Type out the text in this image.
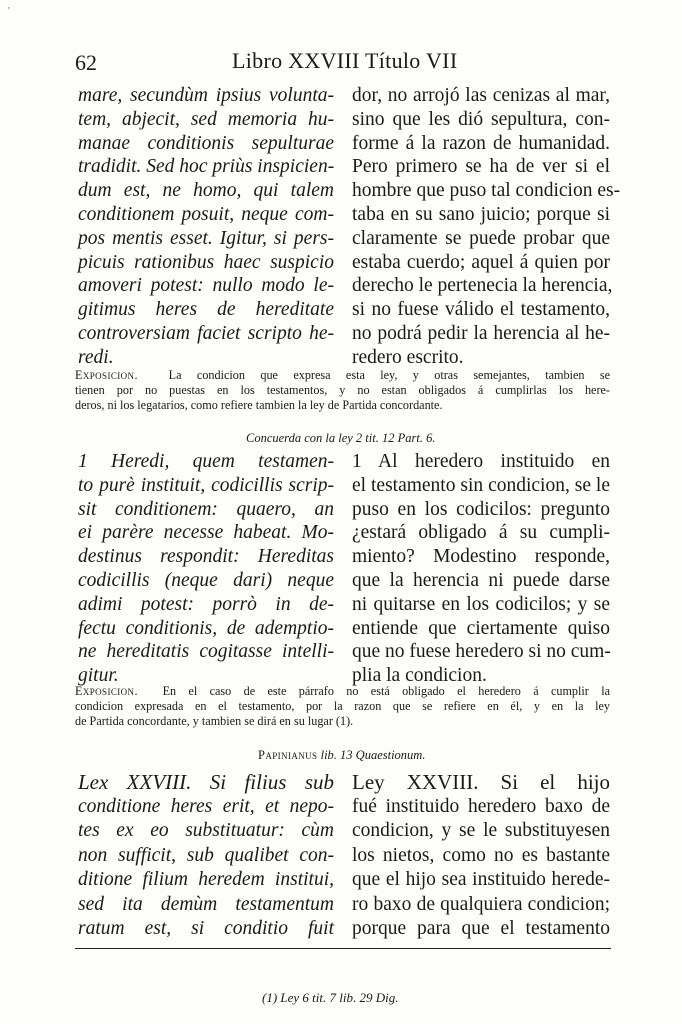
'
62	Libro XXVIII Título VII
mare, secundùm ipsius volunta-
tem, abjecit, sed memoria hu-
manae conditionis sepulturae
tradidit. Sed hoc priùs inspicien-
dum est, ne homo, qui talem
conditionem posuit, neque com-
pos mentis esset. Igitur, si pers-
picuis rationibus haec suspicio
amoveri potest: nullo modo le-
gitimus heres de hereditate
controversiam faciet scripto he-
redi.
dor, no arrojó las cenizas al mar,
sino que les dió sepultura, con-
forme á la razon de humanidad.
Pero primero se ha de ver si el
hombre que puso tal condicion es-
taba en su sano juicio; porque si
claramente se puede probar que
estaba cuerdo; aquel á quien por
derecho le pertenecia la herencia,
si no fuese válido el testamento,
no podrá pedir la herencia al he-
redero escrito.
Exposicion.	La condicion que expresa esta ley, y otras semejantes, tambien se
tienen por no puestas en los testamentos, y no estan obligados á cumplirlas los here-
deros, ni los legatarios, como refiere tambien la ley de Partida concordante.
Concuerda con la ley 2 tit. 12 Part. 6.
1 Heredi, quem testamen-
to purè instituit, codicillis scrip-
sit conditionem: quaero, an
ei parère necesse habeat. Mo-
destinus respondit: Hereditas
codicillis (neque dari) neque
adimi potest: porrò in de-
fectu conditionis, de ademptio-
ne hereditatis cogitasse intelli-
gitur.
1 Al heredero instituido en
el testamento sin condicion, se le
puso en los codicilos: pregunto
¿estará obligado á su cumpli-
miento? Modestino responde,
que la herencia ni puede darse
ni quitarse en los codicilos; y se
entiende que ciertamente quiso
que no fuese heredero si no cum-
plia la condicion.
Exposicion. En el caso de este párrafo no está obligado el heredero á cumplir la
condicion expresada en el testamento, por la razon que se refiere en él, y en la ley
de Partida concordante, y tambien se dirá en su lugar (1).
Papinianus lib. 13 Quaestionum.
Lex XXVIII. Si filius sub
conditione heres erit, et nepo-
tes ex eo substituatur: cùm
non sufficit, sub qualibet con-
ditione filium heredem institui,
sed ita demùm testamentum
ratum est, si conditio fuit
Ley XXVIII. Si el hijo
fué instituido heredero baxo de
condicion, y se le substituyesen
los nietos, como no es bastante
que el hijo sea instituido herede-
ro baxo de qualquiera condicion;
porque para que el testamento
(1) Ley 6 tit. 7 lib. 29 Dig.
